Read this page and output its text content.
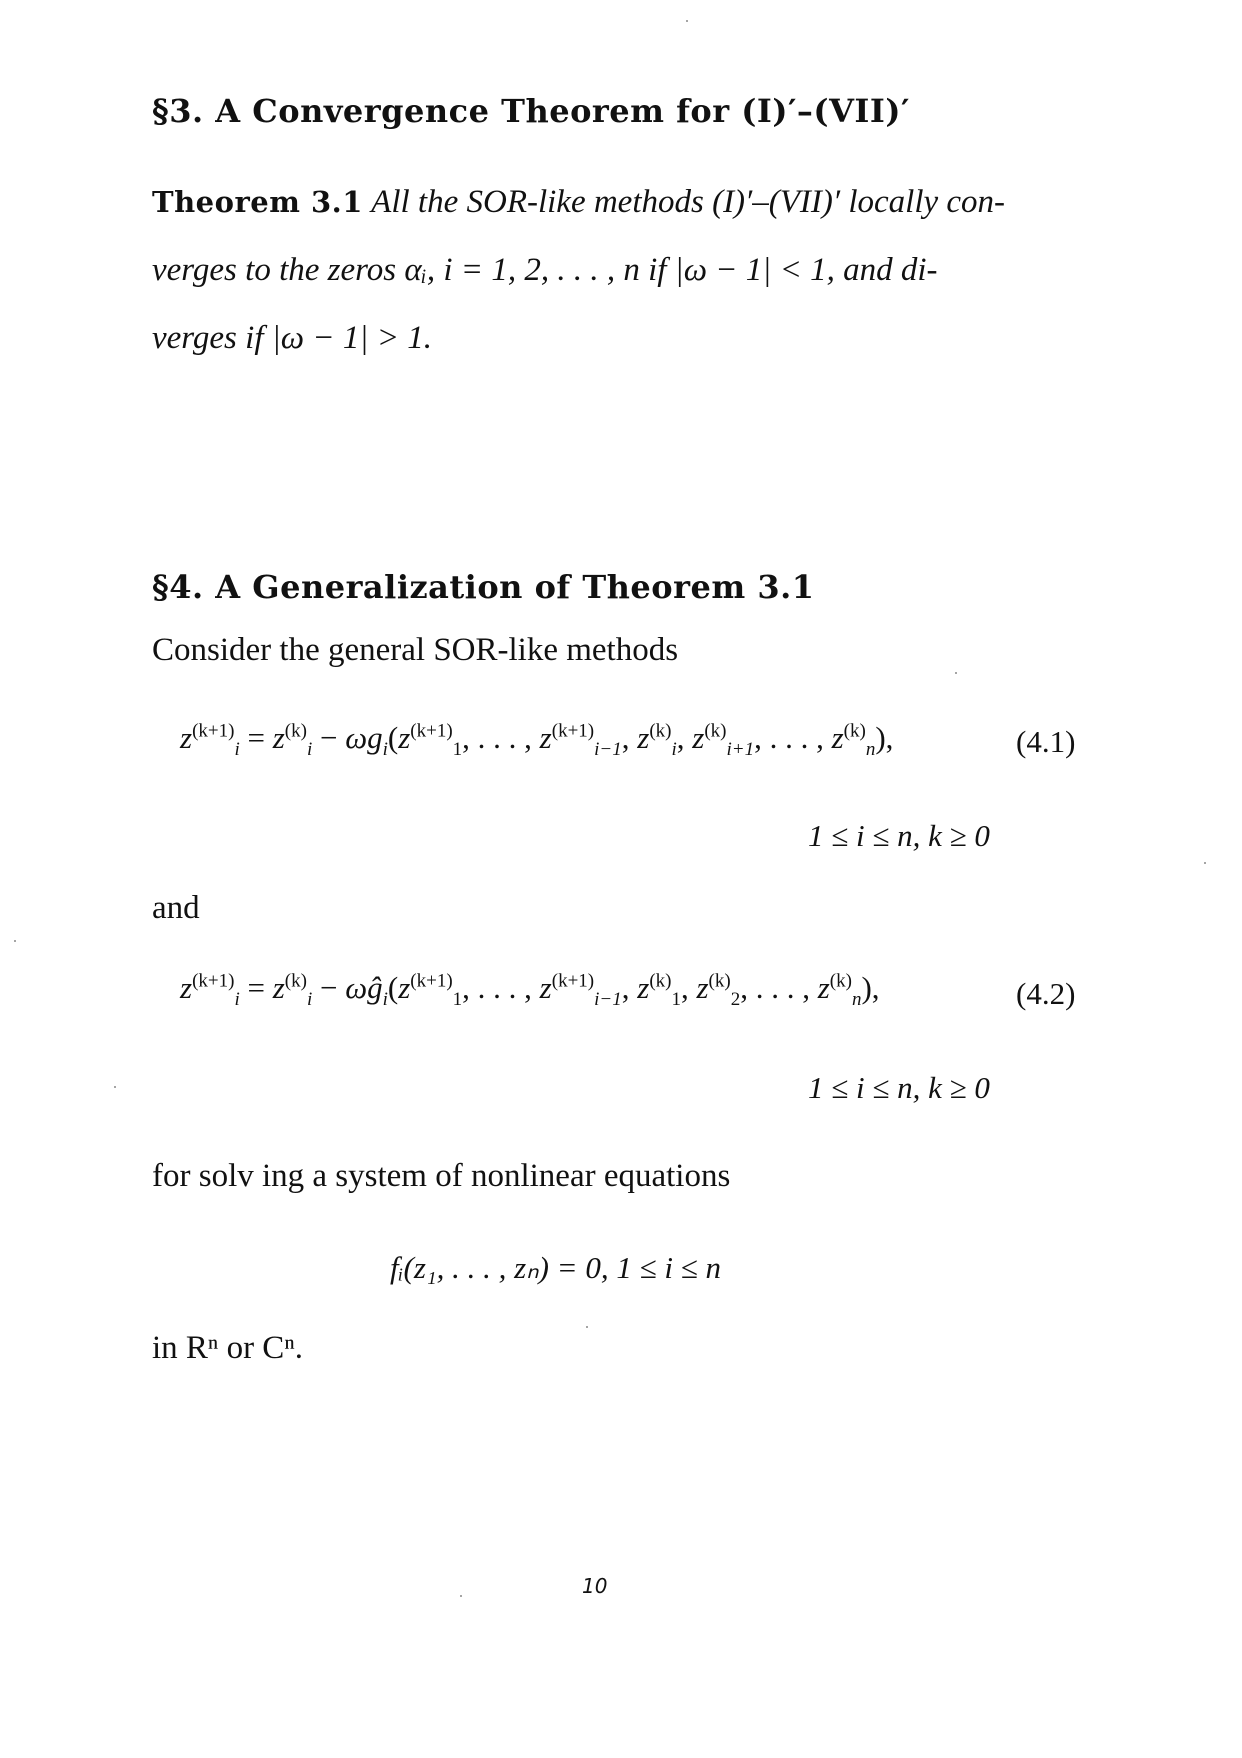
§3. A Convergence Theorem for (I)′–(VII)′
Theorem 3.1 All the SOR-like methods (I)′–(VII)′ locally con-
verges to the zeros αᵢ, i = 1, 2, . . . , n if |ω − 1| < 1, and di-
verges if |ω − 1| > 1.
§4. A Generalization of Theorem 3.1
Consider the general SOR-like methods
$z^{(k+1)}_i = z^{(k)}_i - \omega g_i(z^{(k+1)}_1$, . . . , $z^{(k+1)}_{i-1}$, $z^{(k)}_i$, $z^{(k)}_{i+1}$, . . . , $z^{(k)}_n$),	(4.1)
1 ≤ i ≤ n, k ≥ 0
and
$z^{(k+1)}_i = z^{(k)}_i$ − $\omega ĝ_i(z^{(k+1)}_1$, . . . , $z^{(k+1)}_{i-1}$, $z^{(k)}_1$, $z^{(k)}_2$, . . . , $z^{(k)}_n$),	(4.2)
1 ≤ i ≤ n, k ≥ 0
for solv ing a system of nonlinear equations
fᵢ(z₁, . . . , zₙ) = 0, 1 ≤ i ≤ n
in Rⁿ or Cⁿ.
10
